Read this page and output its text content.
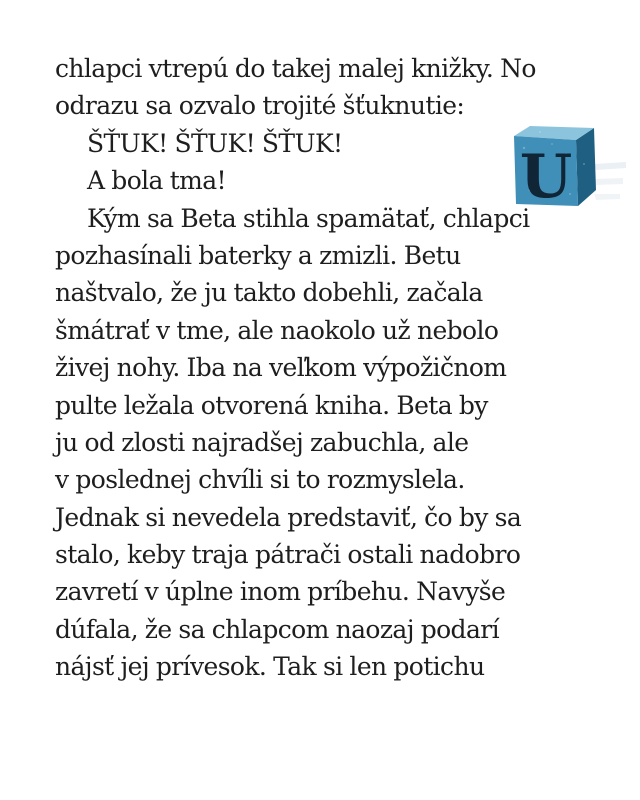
chlapci vtrepú do takej malej knižky. No
odrazu sa ozvalo trojité šťuknutie:
ŠŤUK! ŠŤUK! ŠŤUK!
A bola tma!
Kým sa Beta stihla spamätať, chlapci
pozhasínali baterky a zmizli. Betu
naštvalo, že ju takto dobehli, začala
šmátrať v tme, ale naokolo už nebolo
živej nohy. Iba na veľkom výpožičnom
pulte ležala otvorená kniha. Beta by
ju od zlosti najradšej zabuchla, ale
v poslednej chvíli si to rozmyslela.
Jednak si nevedela predstaviť, čo by sa
stalo, keby traja pátrači ostali nadobro
zavretí v úplne inom príbehu. Navyše
dúfala, že sa chlapcom naozaj podarí
nájsť jej prívesok. Tak si len potichu
U
